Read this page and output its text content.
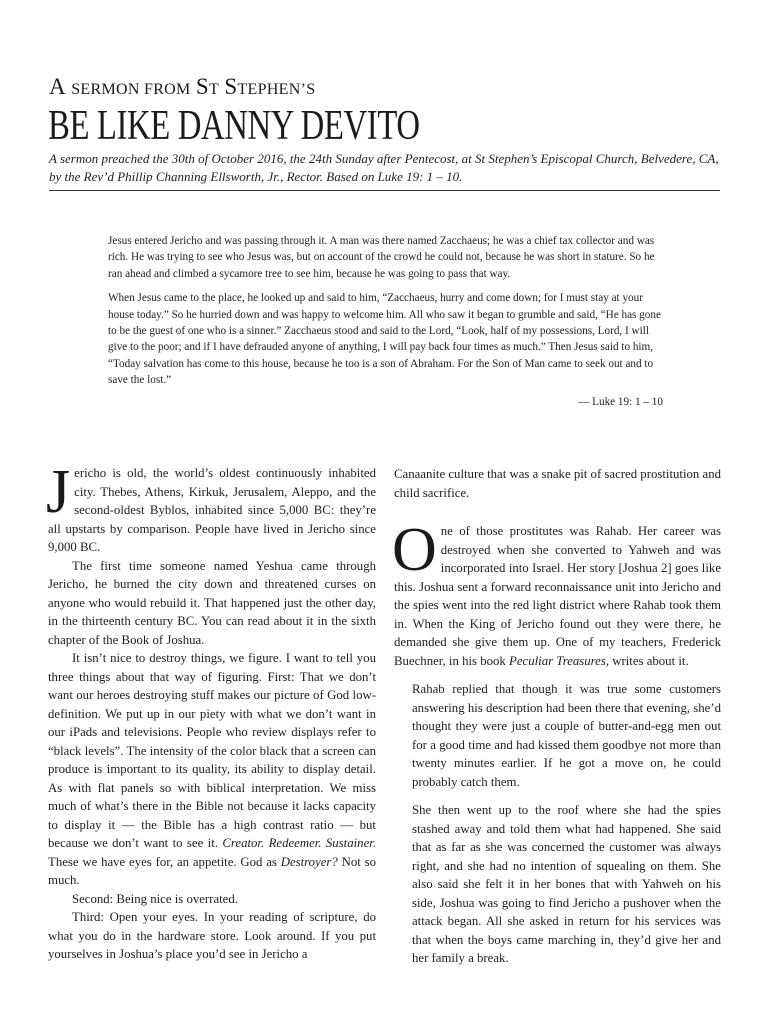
A SERMON FROM ST STEPHEN’S
BE LIKE DANNY DEVITO
A sermon preached the 30th of October 2016, the 24th Sunday after Pentecost, at St Stephen’s Episcopal Church, Belvedere, CA, by the Rev’d Phillip Channing Ellsworth, Jr., Rector. Based on Luke 19: 1 – 10.

Jesus entered Jericho and was passing through it. A man was there named Zacchaeus; he was a chief tax collector and was rich. He was trying to see who Jesus was, but on account of the crowd he could not, because he was short in stature. So he ran ahead and climbed a sycamore tree to see him, because he was going to pass that way.

When Jesus came to the place, he looked up and said to him, “Zacchaeus, hurry and come down; for I must stay at your house today.” So he hurried down and was happy to welcome him. All who saw it began to grumble and said, “He has gone to be the guest of one who is a sinner.” Zacchaeus stood and said to the Lord, “Look, half of my possessions, Lord, I will give to the poor; and if I have defrauded anyone of anything, I will pay back four times as much.” Then Jesus said to him, “Today salvation has come to this house, because he too is a son of Abraham. For the Son of Man came to seek out and to save the lost.”

— Luke 19: 1 – 10

Jericho is old, the world’s oldest continuously inhabited city. Thebes, Athens, Kirkuk, Jerusalem, Aleppo, and the second-oldest Byblos, inhabited since 5,000 BC: they’re all upstarts by comparison. People have lived in Jericho since 9,000 BC.

The first time someone named Yeshua came through Jericho, he burned the city down and threatened curses on anyone who would rebuild it. That happened just the other day, in the thirteenth century BC. You can read about it in the sixth chapter of the Book of Joshua.

It isn’t nice to destroy things, we figure. I want to tell you three things about that way of figuring. First: That we don’t want our heroes destroying stuff makes our picture of God low-definition. We put up in our piety with what we don’t want in our iPads and televisions. People who review displays refer to “black levels”. The intensity of the color black that a screen can produce is important to its quality, its ability to display detail. As with flat panels so with biblical interpretation. We miss much of what’s there in the Bible not because it lacks capacity to display it — the Bible has a high contrast ratio — but because we don’t want to see it. Creator. Redeemer. Sustainer. These we have eyes for, an appetite. God as Destroyer? Not so much.

Second: Being nice is overrated.

Third: Open your eyes. In your reading of scripture, do what you do in the hardware store. Look around. If you put yourselves in Joshua’s place you’d see in Jericho a

Canaanite culture that was a snake pit of sacred prostitution and child sacrifice.

One of those prostitutes was Rahab. Her career was destroyed when she converted to Yahweh and was incorporated into Israel. Her story [Joshua 2] goes like this. Joshua sent a forward reconnaissance unit into Jericho and the spies went into the red light district where Rahab took them in. When the King of Jericho found out they were there, he demanded she give them up. One of my teachers, Frederick Buechner, in his book Peculiar Treasures, writes about it.

Rahab replied that though it was true some customers answering his description had been there that evening, she’d thought they were just a couple of butter-and-egg men out for a good time and had kissed them goodbye not more than twenty minutes earlier. If he got a move on, he could probably catch them.

She then went up to the roof where she had the spies stashed away and told them what had happened. She said that as far as she was concerned the customer was always right, and she had no intention of squealing on them. She also said she felt it in her bones that with Yahweh on his side, Joshua was going to find Jericho a pushover when the attack began. All she asked in return for his services was that when the boys came marching in, they’d give her and her family a break.
